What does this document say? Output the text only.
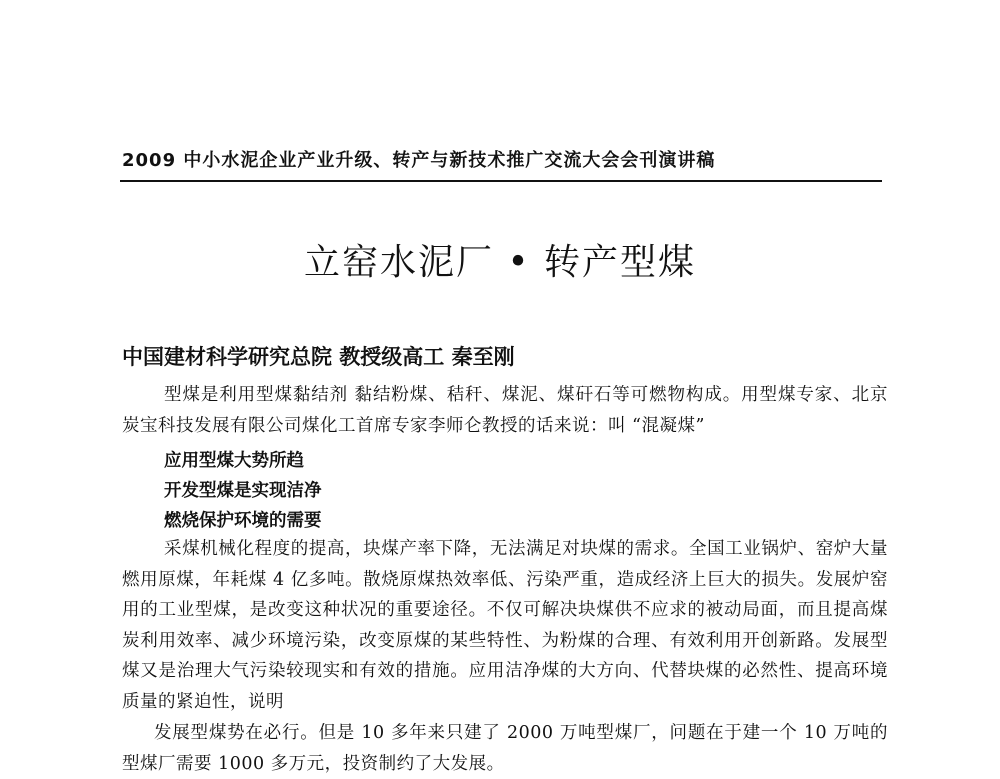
2009 中小水泥企业产业升级、转产与新技术推广交流大会会刊演讲稿
立窑水泥厂 • 转产型煤
中国建材科学研究总院 教授级高工 秦至刚
型煤是利用型煤黏结剂 黏结粉煤、秸秆、煤泥、煤矸石等可燃物构成。用型煤专家、北京炭宝科技发展有限公司煤化工首席专家李师仑教授的话来说：叫 “混凝煤”
应用型煤大势所趋
开发型煤是实现洁净
燃烧保护环境的需要
采煤机械化程度的提高，块煤产率下降，无法满足对块煤的需求。全国工业锅炉、窑炉大量燃用原煤，年耗煤 4 亿多吨。散烧原煤热效率低、污染严重，造成经济上巨大的损失。发展炉窑用的工业型煤，是改变这种状况的重要途径。不仅可解决块煤供不应求的被动局面，而且提高煤炭利用效率、减少环境污染，改变原煤的某些特性、为粉煤的合理、有效利用开创新路。发展型煤又是治理大气污染较现实和有效的措施。应用洁净煤的大方向、代替块煤的必然性、提高环境质量的紧迫性，说明
发展型煤势在必行。但是 10 多年来只建了 2000 万吨型煤厂，问题在于建一个 10 万吨的型煤厂需要 1000 多万元，投资制约了大发展。
